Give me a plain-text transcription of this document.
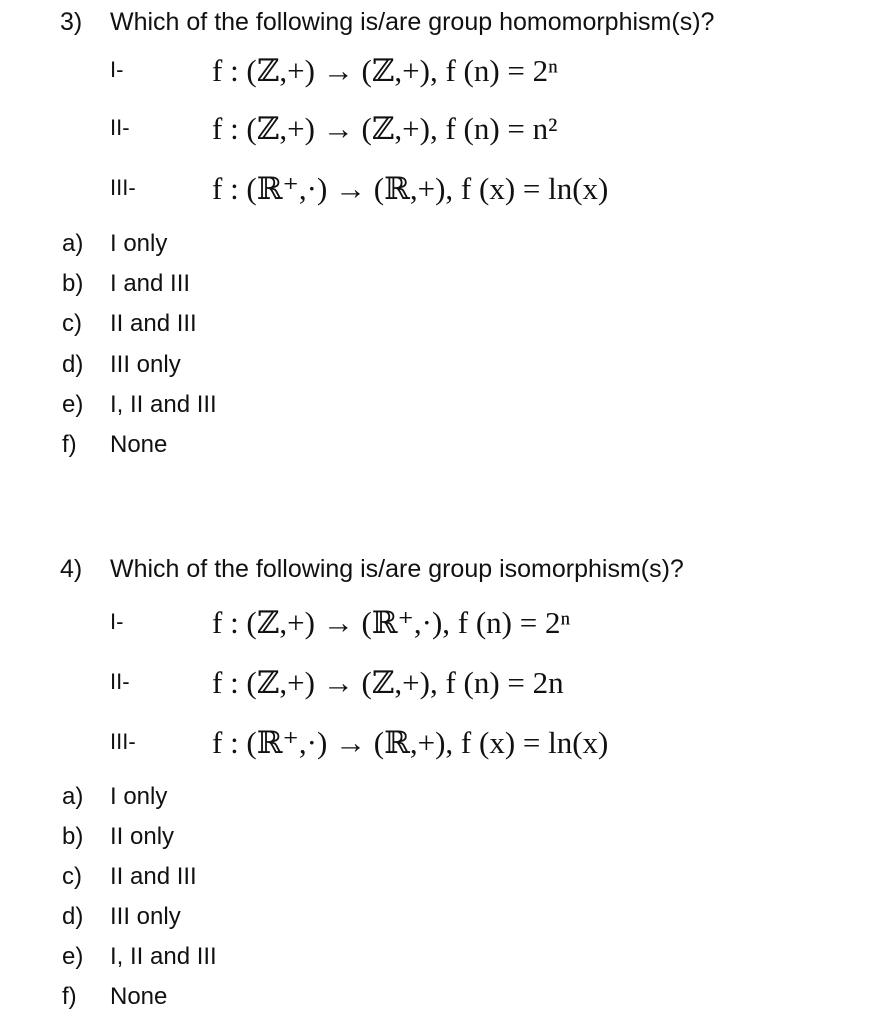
3) Which of the following is/are group homomorphism(s)?
I-	f : (ℤ,+) → (ℤ,+), f (n) = 2ⁿ
II-	f : (ℤ,+) → (ℤ,+), f (n) = n²
III- f : (ℝ⁺,·) → (ℝ,+), f (x) = ln(x)
a) I only
b) I and III
c) II and III
d) III only
e) I, II and III
f) None
4) Which of the following is/are group isomorphism(s)?
I-	f : (ℤ,+) → (ℝ⁺,·), f (n) = 2ⁿ
II-	f : (ℤ,+) → (ℤ,+), f (n) = 2n
III- f : (ℝ⁺,·) → (ℝ,+), f (x) = ln(x)
a) I only
b) II only
c) II and III
d) III only
e) I, II and III
f) None
